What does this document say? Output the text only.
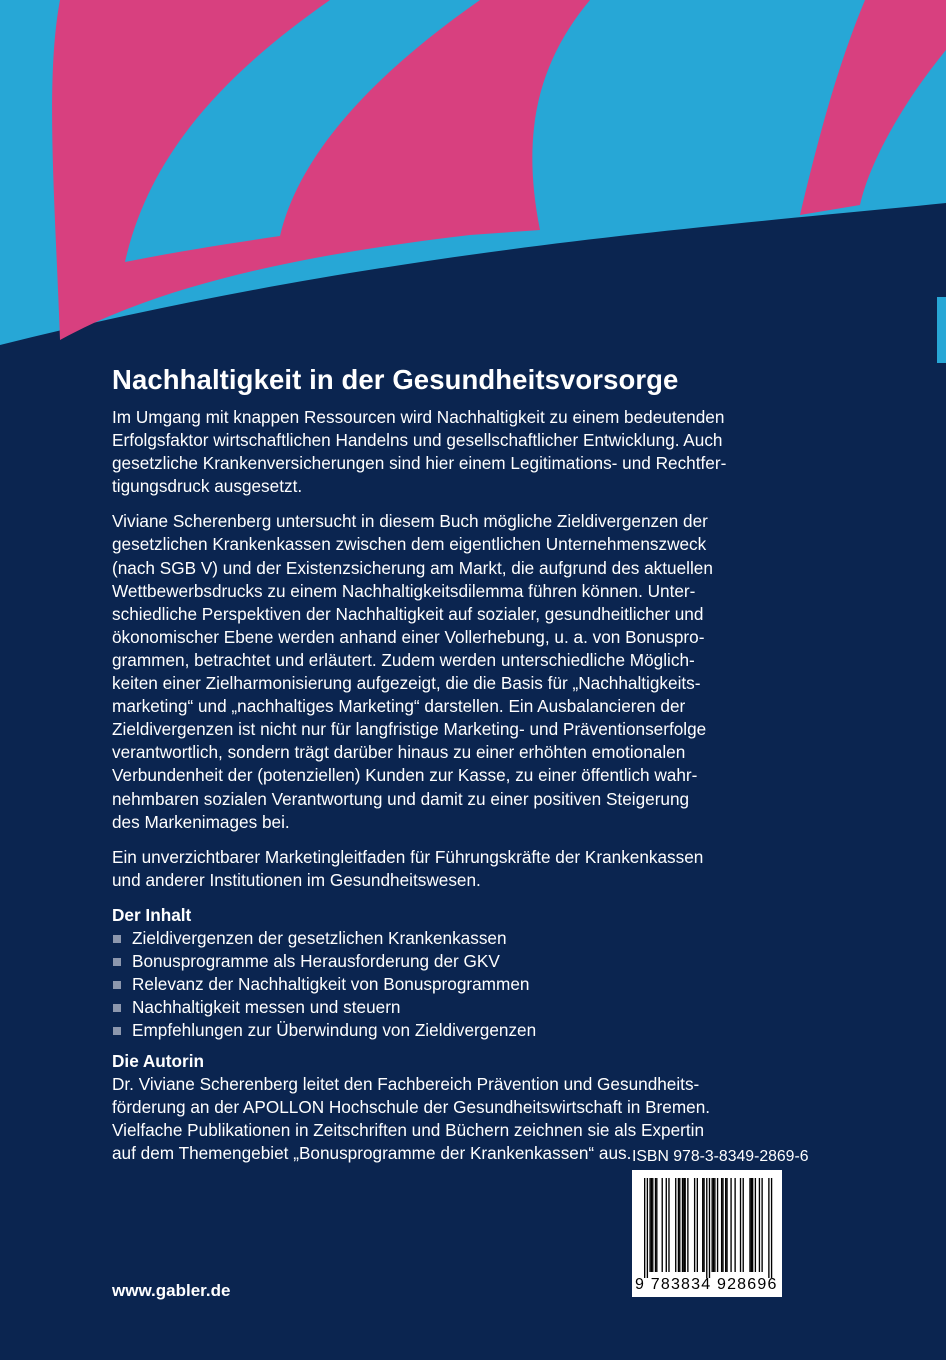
Nachhaltigkeit in der Gesundheitsvorsorge

Im Umgang mit knappen Ressourcen wird Nachhaltigkeit zu einem bedeutenden
Erfolgsfaktor wirtschaftlichen Handelns und gesellschaftlicher Entwicklung. Auch
gesetzliche Krankenversicherungen sind hier einem Legitimations- und Rechtfer-
tigungsdruck ausgesetzt.

Viviane Scherenberg untersucht in diesem Buch mögliche Zieldivergenzen der
gesetzlichen Krankenkassen zwischen dem eigentlichen Unternehmenszweck
(nach SGB V) und der Existenzsicherung am Markt, die aufgrund des aktuellen
Wettbewerbsdrucks zu einem Nachhaltigkeitsdilemma führen können. Unter-
schiedliche Perspektiven der Nachhaltigkeit auf sozialer, gesundheitlicher und
ökonomischer Ebene werden anhand einer Vollerhebung, u. a. von Bonuspro-
grammen, betrachtet und erläutert. Zudem werden unterschiedliche Möglich-
keiten einer Zielharmonisierung aufgezeigt, die die Basis für „Nachhaltigkeits-
marketing“ und „nachhaltiges Marketing“ darstellen. Ein Ausbalancieren der
Zieldivergenzen ist nicht nur für langfristige Marketing- und Präventionserfolge
verantwortlich, sondern trägt darüber hinaus zu einer erhöhten emotionalen
Verbundenheit der (potenziellen) Kunden zur Kasse, zu einer öffentlich wahr-
nehmbaren sozialen Verantwortung und damit zu einer positiven Steigerung
des Markenimages bei.

Ein unverzichtbarer Marketingleitfaden für Führungskräfte der Krankenkassen
und anderer Institutionen im Gesundheitswesen.

Der Inhalt
Zieldivergenzen der gesetzlichen Krankenkassen
Bonusprogramme als Herausforderung der GKV
Relevanz der Nachhaltigkeit von Bonusprogrammen
Nachhaltigkeit messen und steuern
Empfehlungen zur Überwindung von Zieldivergenzen
Die Autorin

Dr. Viviane Scherenberg leitet den Fachbereich Prävention und Gesundheits-
förderung an der APOLLON Hochschule der Gesundheitswirtschaft in Bremen.
Vielfache Publikationen in Zeitschriften und Büchern zeichnen sie als Expertin
auf dem Themengebiet „Bonusprogramme der Krankenkassen“ aus. ISBN 978-3-8349-2869-6
9 783834 928696
www.gabler.de
